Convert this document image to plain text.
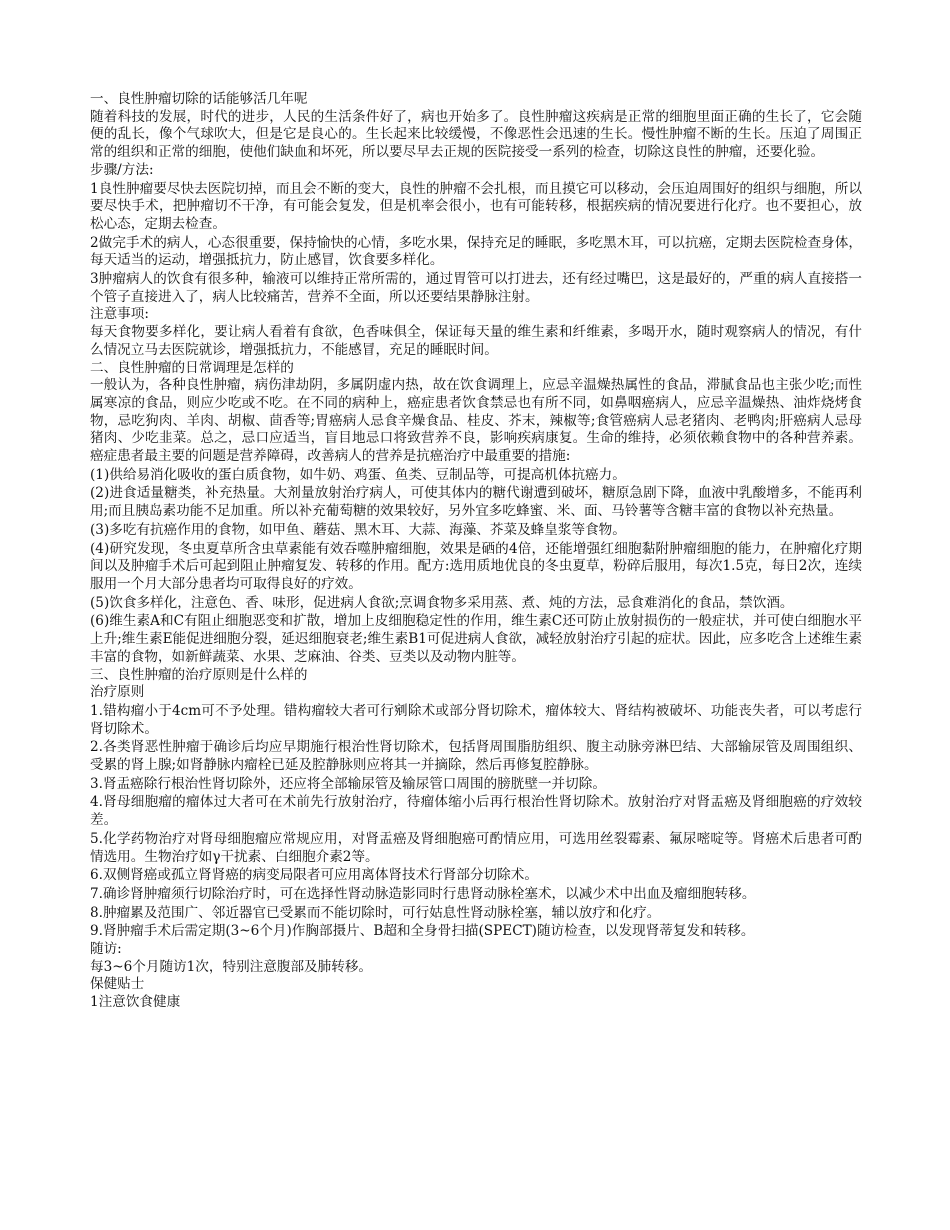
一、良性肿瘤切除的话能够活几年呢

随着科技的发展，时代的进步，人民的生活条件好了，病也开始多了。良性肿瘤这疾病是正常的细胞里面正确的生长了，它会随便的乱长，像个气球吹大，但是它是良心的。生长起来比较缓慢，不像恶性会迅速的生长。慢性肿瘤不断的生长。压迫了周围正常的组织和正常的细胞，使他们缺血和坏死，所以要尽早去正规的医院接受一系列的检查，切除这良性的肿瘤，还要化验。

步骤/方法:

1良性肿瘤要尽快去医院切掉，而且会不断的变大，良性的肿瘤不会扎根，而且摸它可以移动，会压迫周围好的组织与细胞，所以要尽快手术，把肿瘤切不干净，有可能会复发，但是机率会很小，也有可能转移，根据疾病的情况要进行化疗。也不要担心，放松心态，定期去检查。

2做完手术的病人，心态很重要，保持愉快的心情，多吃水果，保持充足的睡眠，多吃黑木耳，可以抗癌，定期去医院检查身体，每天适当的运动，增强抵抗力，防止感冒，饮食要多样化。

3肿瘤病人的饮食有很多种，输液可以维持正常所需的，通过胃管可以打进去，还有经过嘴巴，这是最好的，严重的病人直接搭一个管子直接进入了，病人比较痛苦，营养不全面，所以还要结果静脉注射。

注意事项:

每天食物要多样化，要让病人看着有食欲，色香味俱全，保证每天量的维生素和纤维素，多喝开水，随时观察病人的情况，有什么情况立马去医院就诊，增强抵抗力，不能感冒，充足的睡眠时间。

二、良性肿瘤的日常调理是怎样的

一般认为，各种良性肿瘤，病伤津劫阴，多属阴虚内热，故在饮食调理上，应忌辛温燥热属性的食品，滞腻食品也主张少吃;而性属寒凉的食品，则应少吃或不吃。在不同的病种上，癌症患者饮食禁忌也有所不同，如鼻咽癌病人，应忌辛温燥热、油炸烧烤食物，忌吃狗肉、羊肉、胡椒、茴香等;胃癌病人忌食辛燥食品、桂皮、芥末，辣椒等;食管癌病人忌老猪肉、老鸭肉;肝癌病人忌母猪肉、少吃韭菜。总之，忌口应适当，盲目地忌口将致营养不良，影响疾病康复。生命的维持，必须依赖食物中的各种营养素。癌症患者最主要的问题是营养障碍，改善病人的营养是抗癌治疗中最重要的措施:

(1)供给易消化吸收的蛋白质食物，如牛奶、鸡蛋、鱼类、豆制品等，可提高机体抗癌力。

(2)进食适量糖类，补充热量。大剂量放射治疗病人，可使其体内的糖代谢遭到破坏，糖原急剧下降，血液中乳酸增多，不能再利用;而且胰岛素功能不足加重。所以补充葡萄糖的效果较好，另外宜多吃蜂蜜、米、面、马铃薯等含糖丰富的食物以补充热量。

(3)多吃有抗癌作用的食物，如甲鱼、蘑菇、黑木耳、大蒜、海藻、芥菜及蜂皇浆等食物。

(4)研究发现，冬虫夏草所含虫草素能有效吞噬肿瘤细胞，效果是硒的4倍，还能增强红细胞黏附肿瘤细胞的能力，在肿瘤化疗期间以及肿瘤手术后可起到阻止肿瘤复发、转移的作用。配方:选用质地优良的冬虫夏草，粉碎后服用，每次1.5克，每日2次，连续服用一个月大部分患者均可取得良好的疗效。

(5)饮食多样化，注意色、香、味形，促进病人食欲;烹调食物多采用蒸、煮、炖的方法，忌食难消化的食品，禁饮酒。

(6)维生素A和C有阻止细胞恶变和扩散，增加上皮细胞稳定性的作用，维生素C还可防止放射损伤的一般症状，并可使白细胞水平上升;维生素E能促进细胞分裂，延迟细胞衰老;维生素B1可促进病人食欲，减轻放射治疗引起的症状。因此，应多吃含上述维生素丰富的食物，如新鲜蔬菜、水果、芝麻油、谷类、豆类以及动物内脏等。

三、良性肿瘤的治疗原则是什么样的

治疗原则

1.错构瘤小于4cm可不予处理。错构瘤较大者可行剜除术或部分肾切除术，瘤体较大、肾结构被破坏、功能丧失者，可以考虑行肾切除术。

2.各类肾恶性肿瘤于确诊后均应早期施行根治性肾切除术，包括肾周围脂肪组织、腹主动脉旁淋巴结、大部输尿管及周围组织、受累的肾上腺;如肾静脉内瘤栓已延及腔静脉则应将其一并摘除，然后再修复腔静脉。

3.肾盂癌除行根治性肾切除外，还应将全部输尿管及输尿管口周围的膀胱壁一并切除。

4.肾母细胞瘤的瘤体过大者可在术前先行放射治疗，待瘤体缩小后再行根治性肾切除术。放射治疗对肾盂癌及肾细胞癌的疗效较差。

5.化学药物治疗对肾母细胞瘤应常规应用，对肾盂癌及肾细胞癌可酌情应用，可选用丝裂霉素、氟尿嘧啶等。肾癌术后患者可酌情选用。生物治疗如γ干扰素、白细胞介素2等。

6.双侧肾癌或孤立肾肾癌的病变局限者可应用离体肾技术行肾部分切除术。

7.确诊肾肿瘤须行切除治疗时，可在选择性肾动脉造影同时行患肾动脉栓塞术，以减少术中出血及瘤细胞转移。

8.肿瘤累及范围广、邻近器官已受累而不能切除时，可行姑息性肾动脉栓塞，辅以放疗和化疗。

9.肾肿瘤手术后需定期(3~6个月)作胸部摄片、B超和全身骨扫描(SPECT)随访检查，以发现肾蒂复发和转移。

随访:

每3~6个月随访1次，特别注意腹部及肺转移。

保健贴士

1注意饮食健康
